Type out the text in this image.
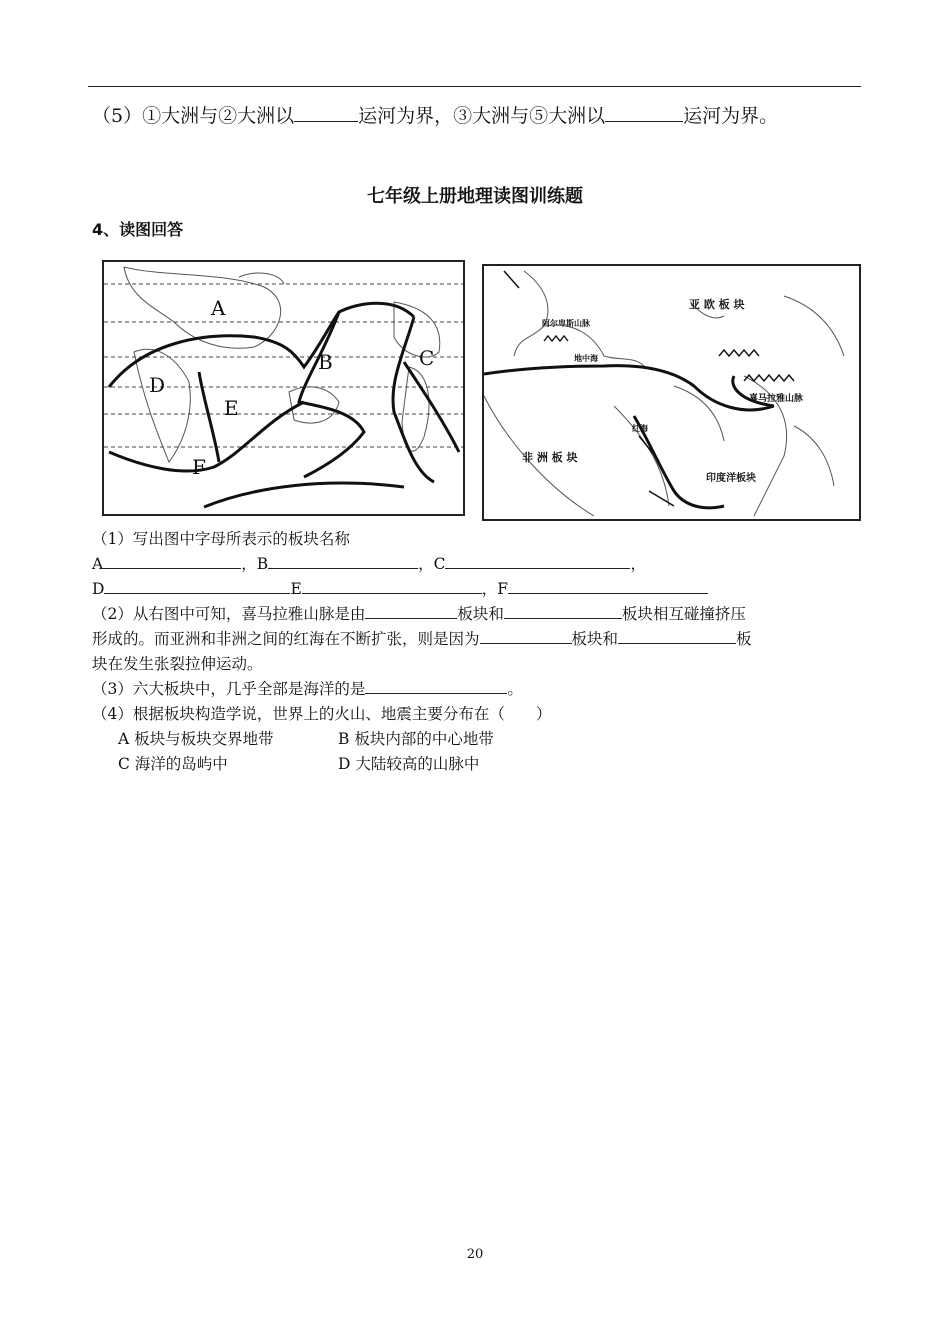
（5）①大洲与②大洲以	运河为界，③大洲与⑤大洲以	运河为界。
七年级上册地理读图训练题
4、读图回答
A
B	C
D
E
F
亚 欧 板 块
非 洲 板 块
印度洋板块
喜马拉雅山脉
阿尔卑斯山脉
地中海
红海
（1）写出图中字母所表示的板块名称
A	，B	，C	，
D	E	，F
（2）从右图中可知，喜马拉雅山脉是由	板块和	板块相互碰撞挤压
形成的。而亚洲和非洲之间的红海在不断扩张，则是因为	板块和	板
块在发生张裂拉伸运动。
（3）六大板块中，几乎全部是海洋的是	。
（4）根据板块构造学说，世界上的火山、地震主要分布在（　　）
A 板块与板块交界地带	B 板块内部的中心地带
C 海洋的岛屿中	D 大陆较高的山脉中
20
